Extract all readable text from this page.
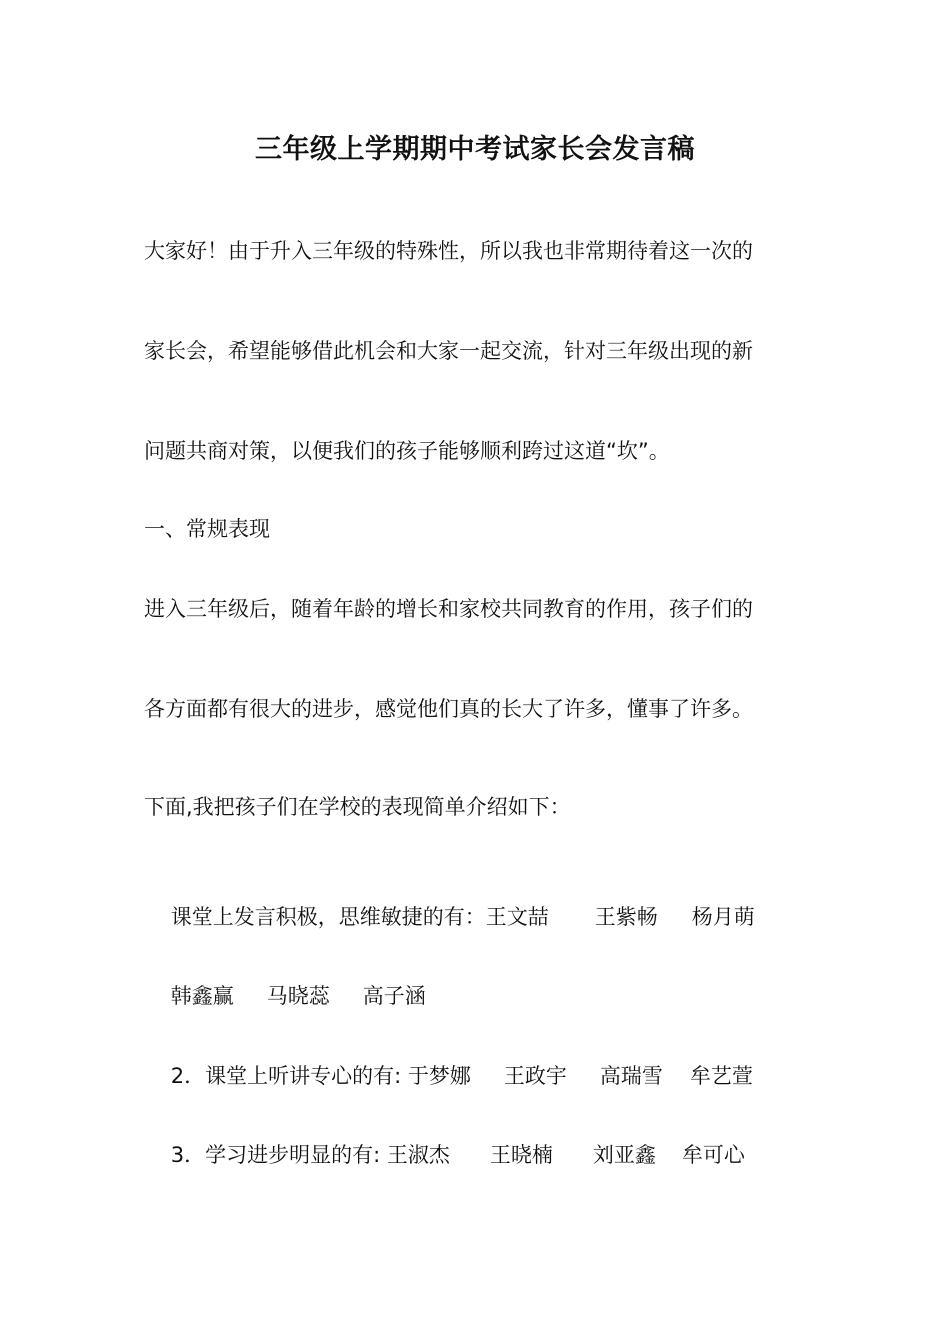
三年级上学期期中考试家长会发言稿
大家好！由于升入三年级的特殊性，所以我也非常期待着这一次的
家长会，希望能够借此机会和大家一起交流，针对三年级出现的新
问题共商对策，以便我们的孩子能够顺利跨过这道“坎”。
一、常规表现
进入三年级后，随着年龄的增长和家校共同教育的作用，孩子们的
各方面都有很大的进步，感觉他们真的长大了许多，懂事了许多。
下面,我把孩子们在学校的表现简单介绍如下：

课堂上发言积极，思维敏捷的有：王文喆 王紫畅 杨月萌

韩鑫赢 马晓蕊 高子涵

2．课堂上听讲专心的有: 于梦娜 王政宇 高瑞雪 牟艺萱

3．学习进步明显的有: 王淑杰 王晓楠 刘亚鑫 牟可心
